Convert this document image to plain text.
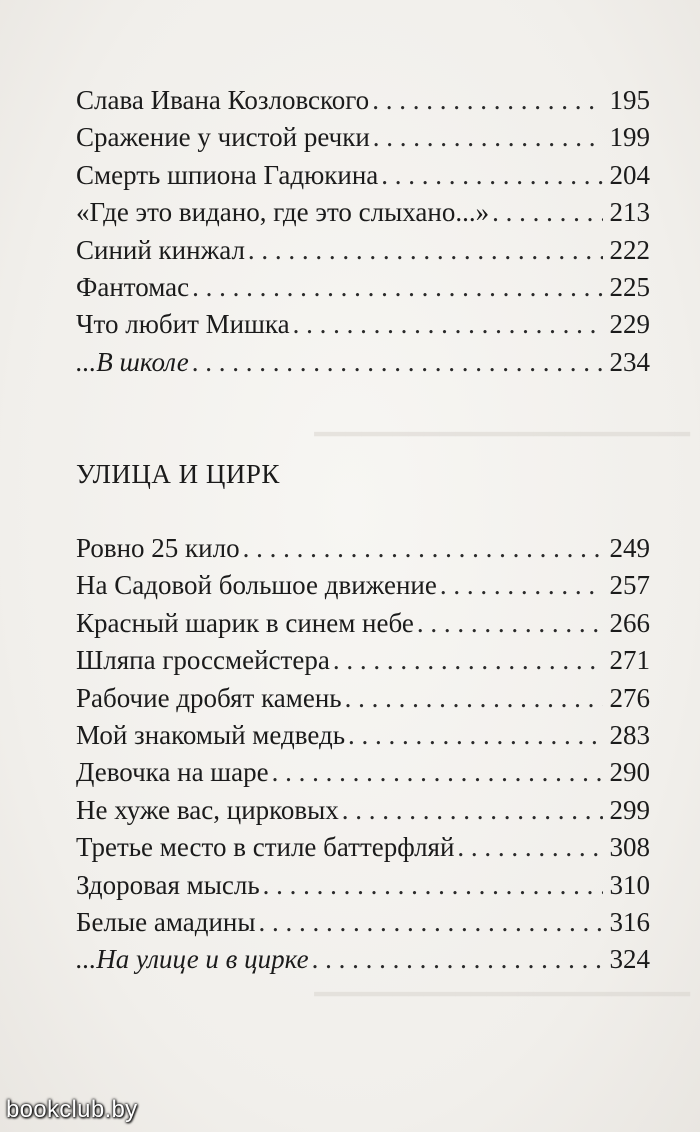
━━━━━━━━━━━━━━━━━━━━━━━━
━━━━━━━━━━━━━━━━━━━━━━━━
Слава Ивана Козловского . . .	195
Сражение у чистой речки . . .	199
Смерть шпиона Гадюкина . . .	204
«Где это видано, где это слыхано...» . . .	213
Синий кинжал . . .	222
Фантомас . . .	225
Что любит Мишка . . .	229
...В школе . . .	234
УЛИЦА И ЦИРК
Ровно 25 кило . . .	249
На Садовой большое движение . . .	257
Красный шарик в синем небе . . .	266
Шляпа гроссмейстера . . .	271
Рабочие дробят камень . . .	276
Мой знакомый медведь . . .	283
Девочка на шаре . . .	290
Не хуже вас, цирковых . . .	299
Третье место в стиле баттерфляй . . .	308
Здоровая мысль . . .	310
Белые амадины . . .	316
...На улице и в цирке . . .	324
bookclub.by
